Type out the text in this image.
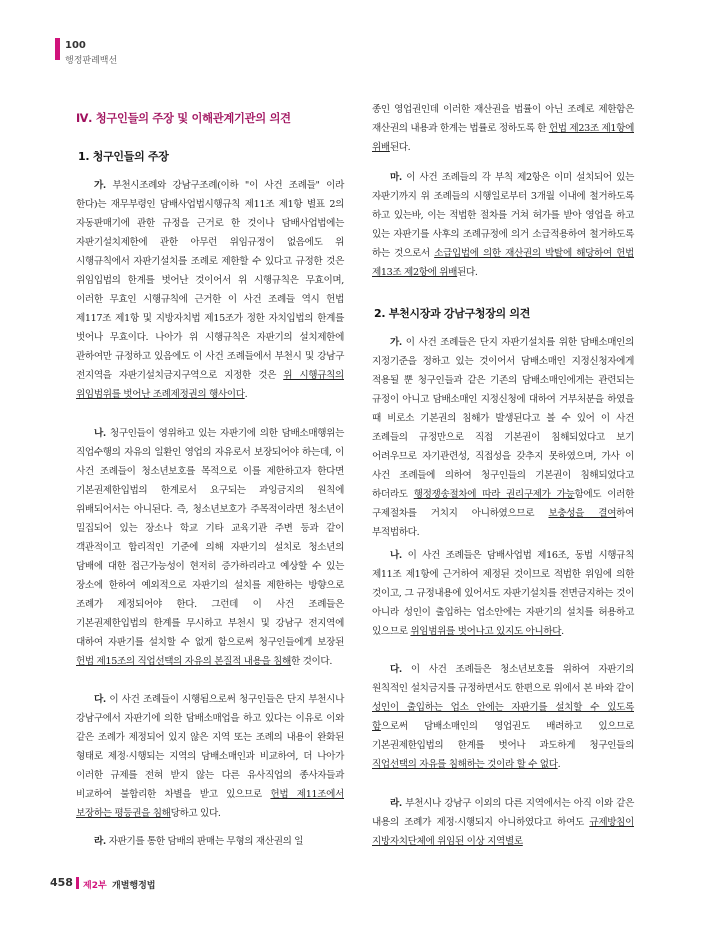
100
행정판례백선
Ⅳ. 청구인들의 주장 및 이해관계기관의 의견
1. 청구인들의 주장
가. 부천시조례와 강남구조례(이하 "이 사건 조례들" 이라 한다)는 재무부령인 담배사업법시행규칙 제11조 제1항 별표 2의 자동판매기에 관한 규정을 근거로 한 것이나 담배사업법에는 자판기설치제한에 관한 아무런 위임규정이 없음에도 위 시행규칙에서 자판기설치를 조례로 제한할 수 있다고 규정한 것은 위임입법의 한계를 벗어난 것이어서 위 시행규칙은 무효이며, 이러한 무효인 시행규칙에 근거한 이 사건 조례들 역시 헌법 제117조 제1항 및 지방자치법 제15조가 정한 자치입법의 한계를 벗어나 무효이다. 나아가 위 시행규칙은 자판기의 설치제한에 관하여만 규정하고 있음에도 이 사건 조례들에서 부천시 및 강남구 전지역을 자판기설치금지구역으로 지정한 것은 위 시행규칙의 위임범위를 벗어난 조례제정권의 행사이다.
나. 청구인들이 영위하고 있는 자판기에 의한 담배소매행위는 직업수행의 자유의 일환인 영업의 자유로서 보장되어야 하는데, 이 사건 조례들이 청소년보호를 목적으로 이를 제한하고자 한다면 기본권제한입법의 한계로서 요구되는 과잉금지의 원칙에 위배되어서는 아니된다. 즉, 청소년보호가 주목적이라면 청소년이 밀집되어 있는 장소나 학교 기타 교육기관 주변 등과 같이 객관적이고 합리적인 기준에 의해 자판기의 설치로 청소년의 담배에 대한 접근가능성이 현저히 증가하리라고 예상할 수 있는 장소에 한하여 예외적으로 자판기의 설치를 제한하는 방향으로 조례가 제정되어야 한다. 그런데 이 사건 조례들은 기본권제한입법의 한계를 무시하고 부천시 및 강남구 전지역에 대하여 자판기를 설치할 수 없게 함으로써 청구인들에게 보장된 헌법 제15조의 직업선택의 자유의 본질적 내용을 침해한 것이다.
다. 이 사건 조례들이 시행됨으로써 청구인들은 단지 부천시나 강남구에서 자판기에 의한 담배소매업을 하고 있다는 이유로 이와 같은 조례가 제정되어 있지 않은 지역 또는 조례의 내용이 완화된 형태로 제정·시행되는 지역의 담배소매인과 비교하여, 더 나아가 이러한 규제를 전혀 받지 않는 다른 유사직업의 종사자들과 비교하여 불합리한 차별을 받고 있으므로 헌법 제11조에서 보장하는 평등권을 침해당하고 있다.
라. 자판기를 통한 담배의 판매는 무형의 재산권의 일
종인 영업권인데 이러한 재산권을 법률이 아닌 조례로 제한함은 재산권의 내용과 한계는 법률로 정하도록 한 헌법 제23조 제1항에 위배된다.
마. 이 사건 조례들의 각 부칙 제2항은 이미 설치되어 있는 자판기까지 위 조례들의 시행일로부터 3개월 이내에 철거하도록 하고 있는바, 이는 적법한 절차를 거쳐 허가를 받아 영업을 하고 있는 자판기를 사후의 조례규정에 의거 소급적용하여 철거하도록 하는 것으로서 소급입법에 의한 재산권의 박탈에 해당하여 헌법 제13조 제2항에 위배된다.
2. 부천시장과 강남구청장의 의견
가. 이 사건 조례들은 단지 자판기설치를 위한 담배소매인의 지정기준을 정하고 있는 것이어서 담배소매인 지정신청자에게 적용될 뿐 청구인들과 같은 기존의 담배소매인에게는 관련되는 규정이 아니고 담배소매인 지정신청에 대하여 거부처분을 하였을 때 비로소 기본권의 침해가 발생된다고 볼 수 있어 이 사건 조례들의 규정만으로 직접 기본권이 침해되었다고 보기 어려우므로 자기관련성, 직접성을 갖추지 못하였으며, 가사 이 사건 조례들에 의하여 청구인들의 기본권이 침해되었다고 하더라도 행정쟁송절차에 따라 권리구제가 가능함에도 이러한 구제절차를 거치지 아니하였으므로 보충성을 결여하여 부적법하다.
나. 이 사건 조례들은 담배사업법 제16조, 동법 시행규칙 제11조 제1항에 근거하여 제정된 것이므로 적법한 위임에 의한 것이고, 그 규정내용에 있어서도 자판기설치를 전면금지하는 것이 아니라 성인이 출입하는 업소안에는 자판기의 설치를 허용하고 있으므로 위임범위를 벗어나고 있지도 아니하다.
다. 이 사건 조례들은 청소년보호를 위하여 자판기의 원칙적인 설치금지를 규정하면서도 한편으로 위에서 본 바와 같이 성인이 출입하는 업소 안에는 자판기를 설치할 수 있도록 함으로써 담배소매인의 영업권도 배려하고 있으므로 기본권제한입법의 한계를 벗어나 과도하게 청구인들의 직업선택의 자유를 침해하는 것이라 할 수 없다.
라. 부천시나 강남구 이외의 다른 지역에서는 아직 이와 같은 내용의 조례가 제정·시행되지 아니하였다고 하여도 규제방침이 지방자치단체에 위임된 이상 지역별로
458 제2부 개별행정법
